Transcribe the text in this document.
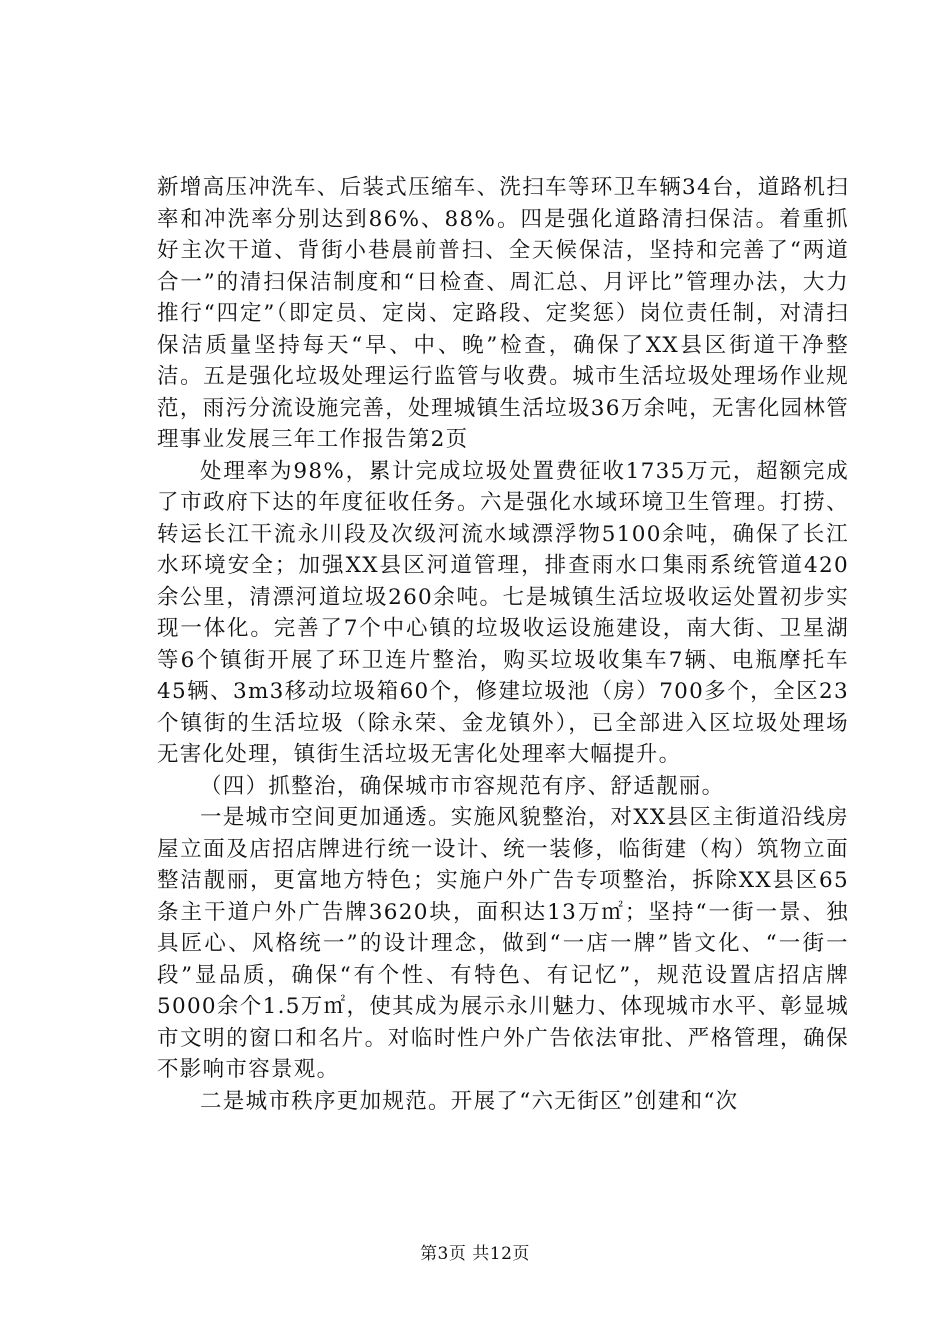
新增高压冲洗车、后装式压缩车、洗扫车等环卫车辆34台，道路机扫率和冲洗率分别达到86%、88%。四是强化道路清扫保洁。着重抓好主次干道、背街小巷晨前普扫、全天候保洁，坚持和完善了“两道合一”的清扫保洁制度和“日检查、周汇总、月评比”管理办法，大力推行“四定”（即定员、定岗、定路段、定奖惩）岗位责任制，对清扫保洁质量坚持每天“早、中、晚”检查，确保了XX县区街道干净整洁。五是强化垃圾处理运行监管与收费。城市生活垃圾处理场作业规范，雨污分流设施完善，处理城镇生活垃圾36万余吨，无害化园林管理事业发展三年工作报告第2页

处理率为98%，累计完成垃圾处置费征收1735万元，超额完成了市政府下达的年度征收任务。六是强化水域环境卫生管理。打捞、转运长江干流永川段及次级河流水域漂浮物5100余吨，确保了长江水环境安全；加强XX县区河道管理，排查雨水口集雨系统管道420余公里，清漂河道垃圾260余吨。七是城镇生活垃圾收运处置初步实现一体化。完善了7个中心镇的垃圾收运设施建设，南大街、卫星湖等6个镇街开展了环卫连片整治，购买垃圾收集车7辆、电瓶摩托车45辆、3m3移动垃圾箱60个，修建垃圾池（房）700多个，全区23个镇街的生活垃圾（除永荣、金龙镇外），已全部进入区垃圾处理场无害化处理，镇街生活垃圾无害化处理率大幅提升。

（四）抓整治，确保城市市容规范有序、舒适靓丽。

一是城市空间更加通透。实施风貌整治，对XX县区主街道沿线房屋立面及店招店牌进行统一设计、统一装修，临街建（构）筑物立面整洁靓丽，更富地方特色；实施户外广告专项整治，拆除XX县区65条主干道户外广告牌3620块，面积达13万㎡；坚持“一街一景、独具匠心、风格统一”的设计理念，做到“一店一牌”皆文化、“一街一段”显品质，确保“有个性、有特色、有记忆”，规范设置店招店牌5000余个1.5万㎡，使其成为展示永川魅力、体现城市水平、彰显城市文明的窗口和名片。对临时性户外广告依法审批、严格管理，确保不影响市容景观。

二是城市秩序更加规范。开展了“六无街区”创建和“次

第3页 共12页
